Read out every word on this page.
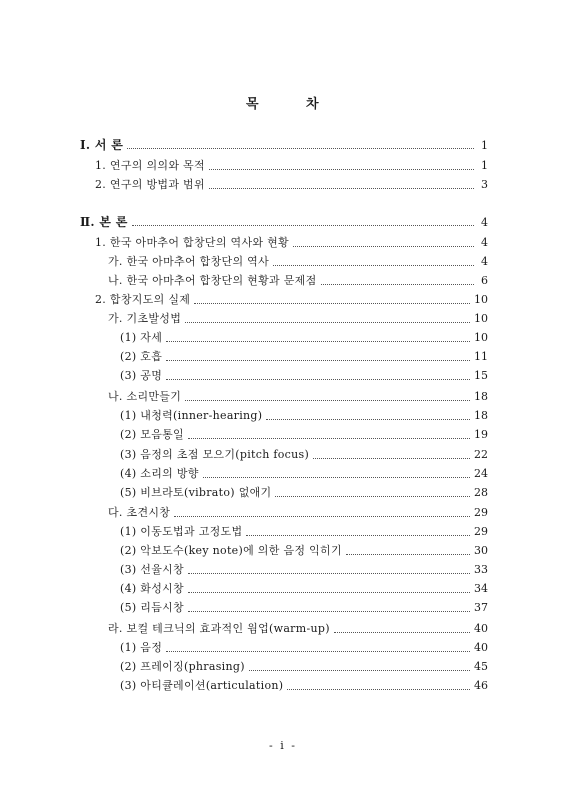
목	차
Ⅰ. 서 론	1
1. 연구의 의의와 목적	1
2. 연구의 방법과 범위	3
Ⅱ. 본 론	4
1. 한국 아마추어 합창단의 역사와 현황	4
가. 한국 아마추어 합창단의 역사	4
나. 한국 아마추어 합창단의 현황과 문제점	6
2. 합창지도의 실제	10
가. 기초발성법	10
(1) 자세	10
(2) 호흡	11
(3) 공명	15
나. 소리만들기	18
(1) 내청력(inner-hearing)	18
(2) 모음통일	19
(3) 음정의 초점 모으기(pitch focus)	22
(4) 소리의 방향	24
(5) 비브라토(vibrato) 없애기	28
다. 초견시창	29
(1) 이동도법과 고정도법	29
(2) 악보도수(key note)에 의한 음정 익히기	30
(3) 선율시창	33
(4) 화성시창	34
(5) 리듬시창	37
라. 보컬 테크닉의 효과적인 웜업(warm-up)	40
(1) 음정	40
(2) 프레이징(phrasing)	45
(3) 아티큘레이션(articulation)	46
- i -
